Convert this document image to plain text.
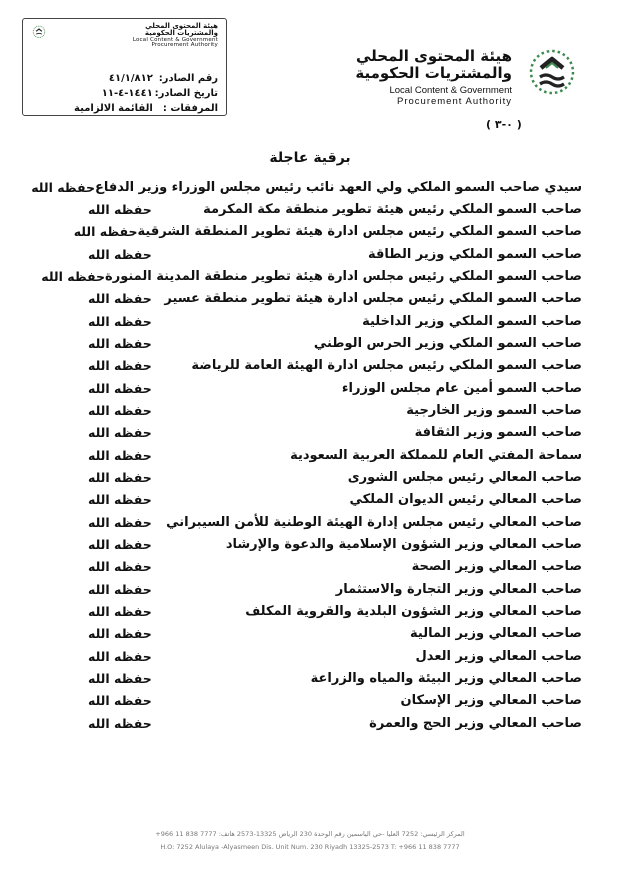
هيئة المحتوى المحلي
والمشتريات الحكومية
Local Content & Government
Procurement Authority
رقم الصادر: ٤١/١/٨١٢
تاريخ الصادر: ١٤٤١-٤-١١
المرفقات : القائمة الالزامية
هيئة المحتوى المحلي
والمشتريات الحكومية
Local Content & Government
Procurement Authority
( ٠-٣ )
برقية عاجلة
سيدي صاحب السمو الملكي ولي العهد نائب رئيس مجلس الوزراء وزير الدفاع
حفظه الله
صاحب السمو الملكي رئيس هيئة تطوير منطقة مكة المكرمة
حفظه الله
صاحب السمو الملكي رئيس مجلس ادارة هيئة تطوير المنطقة الشرقية
حفظه الله
صاحب السمو الملكي وزير الطاقة
حفظه الله
صاحب السمو الملكي رئيس مجلس ادارة هيئة تطوير منطقة المدينة المنورة
حفظه الله
صاحب السمو الملكي رئيس مجلس ادارة هيئة تطوير منطقة عسير
حفظه الله
صاحب السمو الملكي وزير الداخلية
حفظه الله
صاحب السمو الملكي وزير الحرس الوطني
حفظه الله
صاحب السمو الملكي رئيس مجلس ادارة الهيئة العامة للرياضة
حفظه الله
صاحب السمو أمين عام مجلس الوزراء
حفظه الله
صاحب السمو وزير الخارجية
حفظه الله
صاحب السمو وزير الثقافة
حفظه الله
سماحة المفتي العام للمملكة العربية السعودية
حفظه الله
صاحب المعالي رئيس مجلس الشورى
حفظه الله
صاحب المعالي رئيس الديوان الملكي
حفظه الله
صاحب المعالي رئيس مجلس إدارة الهيئة الوطنية للأمن السيبراني
حفظه الله
صاحب المعالي وزير الشؤون الإسلامية والدعوة والإرشاد
حفظه الله
صاحب المعالي وزير الصحة
حفظه الله
صاحب المعالي وزير التجارة والاستثمار
حفظه الله
صاحب المعالي وزير الشؤون البلدية والقروية المكلف
حفظه الله
صاحب المعالي وزير المالية
حفظه الله
صاحب المعالي وزير العدل
حفظه الله
صاحب المعالي وزير البيئة والمياه والزراعة
حفظه الله
صاحب المعالي وزير الإسكان
حفظه الله
صاحب المعالي وزير الحج والعمرة
حفظه الله
المركز الرئيسي: 7252 العليا -حي الياسمين رقم الوحدة 230 الرياض 13325-2573 هاتف: 7777 838 11 966+
H.O: 7252 Alulaya -Alyasmeen Dis. Unit Num. 230 Riyadh 13325-2573 T: +966 11 838 7777
